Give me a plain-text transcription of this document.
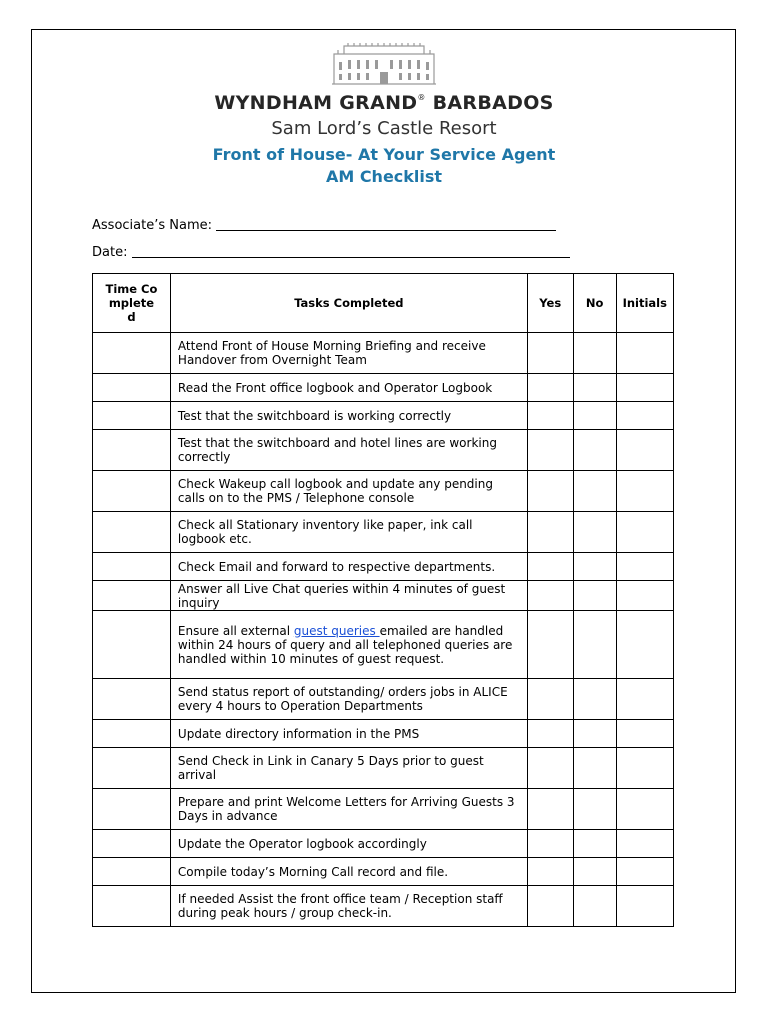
WYNDHAM GRAND® BARBADOS
Sam Lord’s Castle Resort
Front of House- At Your Service Agent
AM Checklist
Associate’s Name:
Date:
Time Complete d	Tasks Completed	Yes	No	Initials
	Attend Front of House Morning Briefing and receive Handover from Overnight Team			
	Read the Front office logbook and Operator Logbook			
	Test that the switchboard is working correctly			
	Test that the switchboard and hotel lines are working correctly			
	Check Wakeup call logbook and update any pending calls on to the PMS / Telephone console			
	Check all Stationary inventory like paper, ink call logbook etc.			
	Check Email and forward to respective departments.			
	Answer all Live Chat queries within 4 minutes of guest inquiry			
	Ensure all external guest queries emailed are handled within 24 hours of query and all telephoned queries are handled within 10 minutes of guest request.			
	Send status report of outstanding/ orders jobs in ALICE every 4 hours to Operation Departments			
	Update directory information in the PMS			
	Send Check in Link in Canary 5 Days prior to guest arrival			
	Prepare and print Welcome Letters for Arriving Guests 3 Days in advance			
	Update the Operator logbook accordingly			
	Compile today’s Morning Call record and file.			
	If needed Assist the front office team / Reception staff during peak hours / group check-in.			
